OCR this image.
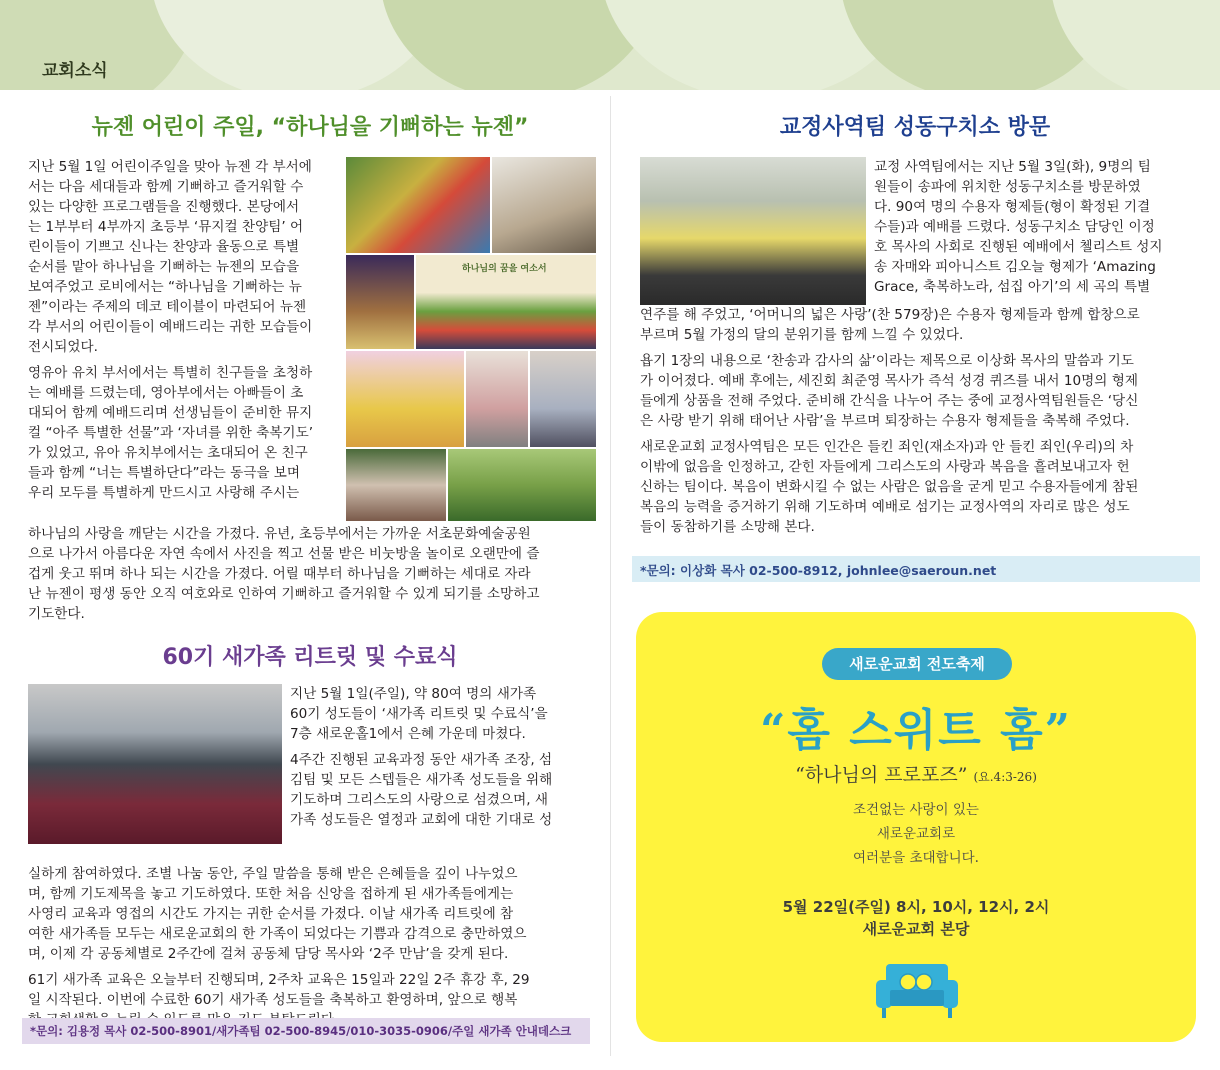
교회소식
뉴젠 어린이 주일, “하나님을 기뻐하는 뉴젠”
지난 5월 1일 어린이주일을 맞아 뉴젠 각 부서에
서는 다음 세대들과 함께 기뻐하고 즐거워할 수
있는 다양한 프로그램들을 진행했다. 본당에서
는 1부부터 4부까지 초등부 ‘뮤지컬 찬양팀’ 어
린이들이 기쁘고 신나는 찬양과 율동으로 특별
순서를 맡아 하나님을 기뻐하는 뉴젠의 모습을
보여주었고 로비에서는 “하나님을 기뻐하는 뉴
젠”이라는 주제의 데코 테이블이 마련되어 뉴젠
각 부서의 어린이들이 예배드리는 귀한 모습들이
전시되었다.
영유아 유치 부서에서는 특별히 친구들을 초청하
는 예배를 드렸는데, 영아부에서는 아빠들이 초
대되어 함께 예배드리며 선생님들이 준비한 뮤지
컬 “아주 특별한 선물”과 ‘자녀를 위한 축복기도’
가 있었고, 유아 유치부에서는 초대되어 온 친구
들과 함께 “너는 특별하단다”라는 동극을 보며
우리 모두를 특별하게 만드시고 사랑해 주시는
하나님의 꿈을 여소서
하나님의 사랑을 깨닫는 시간을 가졌다. 유년, 초등부에서는 가까운 서초문화예술공원
으로 나가서 아름다운 자연 속에서 사진을 찍고 선물 받은 비눗방울 놀이로 오랜만에 즐
겁게 웃고 뛰며 하나 되는 시간을 가졌다. 어릴 때부터 하나님을 기뻐하는 세대로 자라
난 뉴젠이 평생 동안 오직 여호와로 인하여 기뻐하고 즐거워할 수 있게 되기를 소망하고
기도한다.
60기 새가족 리트릿 및 수료식
지난 5월 1일(주일), 약 80여 명의 새가족
60기 성도들이 ‘새가족 리트릿 및 수료식’을
7층 새로운홀1에서 은혜 가운데 마쳤다.
4주간 진행된 교육과정 동안 새가족 조장, 섬
김팀 및 모든 스텝들은 새가족 성도들을 위해
기도하며 그리스도의 사랑으로 섬겼으며, 새
가족 성도들은 열정과 교회에 대한 기대로 성
실하게 참여하였다. 조별 나눔 동안, 주일 말씀을 통해 받은 은혜들을 깊이 나누었으
며, 함께 기도제목을 놓고 기도하였다. 또한 처음 신앙을 접하게 된 새가족들에게는
사영리 교육과 영접의 시간도 가지는 귀한 순서를 가졌다. 이날 새가족 리트릿에 참
여한 새가족들 모두는 새로운교회의 한 가족이 되었다는 기쁨과 감격으로 충만하였으
며, 이제 각 공동체별로 2주간에 걸쳐 공동체 담당 목사와 ‘2주 만남’을 갖게 된다.
61기 새가족 교육은 오늘부터 진행되며, 2주차 교육은 15일과 22일 2주 휴강 후, 29
일 시작된다. 이번에 수료한 60기 새가족 성도들을 축복하고 환영하며, 앞으로 행복
*문의: 김용정 목사 02-500-8901/새가족팀 02-500-8945/010-3035-0906/주일 새가족 안내데스크
교정사역팀 성동구치소 방문
교정 사역팀에서는 지난 5월 3일(화), 9명의 팀
원들이 송파에 위치한 성동구치소를 방문하였
다. 90여 명의 수용자 형제들(형이 확정된 기결
수들)과 예배를 드렸다. 성동구치소 담당인 이정
호 목사의 사회로 진행된 예배에서 첼리스트 성지
송 자매와 피아니스트 김오늘 형제가 ‘Amazing
Grace, 축복하노라, 섬집 아기’의 세 곡의 특별
연주를 해 주었고, ‘어머니의 넓은 사랑’(찬 579장)은 수용자 형제들과 함께 합창으로
부르며 5월 가정의 달의 분위기를 함께 느낄 수 있었다.
욥기 1장의 내용으로 ‘찬송과 감사의 삶’이라는 제목으로 이상화 목사의 말씀과 기도
가 이어졌다. 예배 후에는, 세진회 최준영 목사가 즉석 성경 퀴즈를 내서 10명의 형제
들에게 상품을 전해 주었다. 준비해 간식을 나누어 주는 중에 교정사역팀원들은 ‘당신
은 사랑 받기 위해 태어난 사람’을 부르며 퇴장하는 수용자 형제들을 축복해 주었다.
새로운교회 교정사역팀은 모든 인간은 들킨 죄인(재소자)과 안 들킨 죄인(우리)의 차
이밖에 없음을 인정하고, 갇힌 자들에게 그리스도의 사랑과 복음을 흘려보내고자 헌
신하는 팀이다. 복음이 변화시킬 수 없는 사람은 없음을 굳게 믿고 수용자들에게 참된
복음의 능력을 증거하기 위해 기도하며 예배로 섬기는 교정사역의 자리로 많은 성도
들이 동참하기를 소망해 본다.
*문의: 이상화 목사 02-500-8912, johnlee@saeroun.net
새로운교회 전도축제
“홈 스위트 홈”
“하나님의 프로포즈” (요.4:3-26)
조건없는 사랑이 있는
새로운교회로
여러분을 초대합니다.
5월 22일(주일) 8시, 10시, 12시, 2시
새로운교회 본당
